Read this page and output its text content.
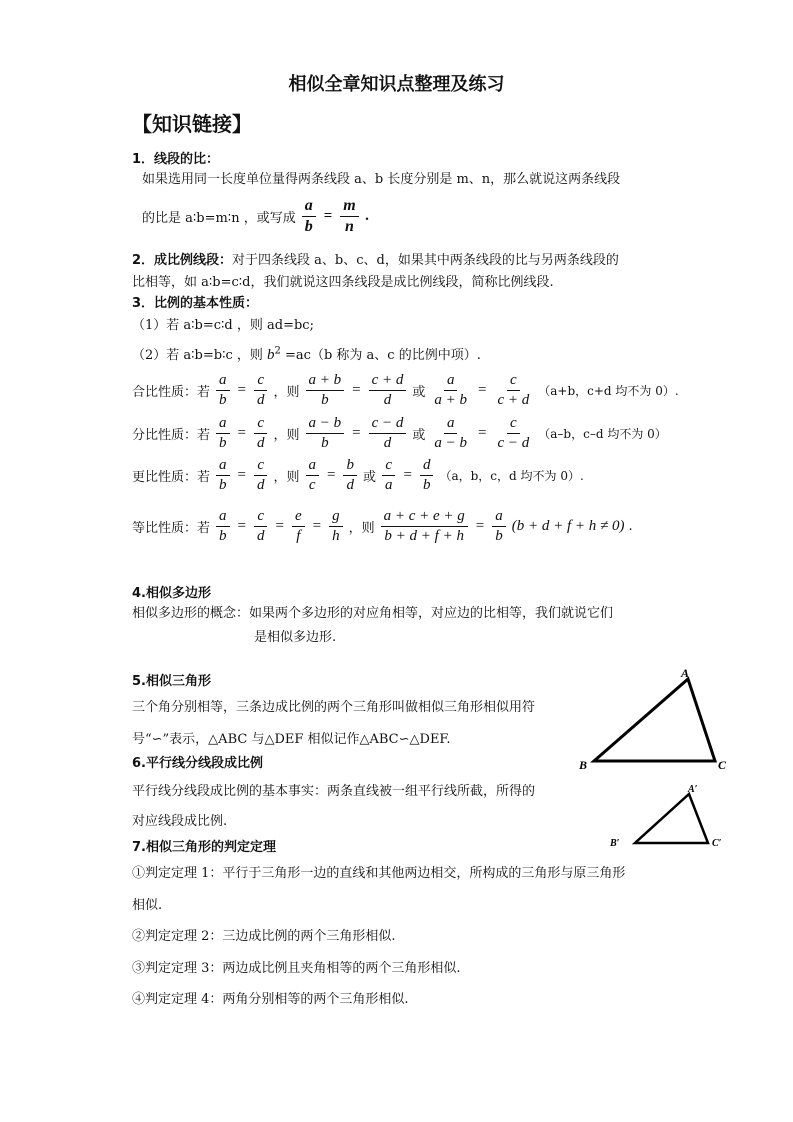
相似全章知识点整理及练习
【知识链接】
1．线段的比：
如果选用同一长度单位量得两条线段 a、b 长度分别是 m、n，那么就说这两条线段
的比是 a∶b=m∶n ，或写成 $\frac{a}{b} = \frac{m}{n}$ .
2．成比例线段：对于四条线段 a、b、c、d，如果其中两条线段的比与另两条线段的
比相等，如 a∶b=c∶d，我们就说这四条线段是成比例线段，简称比例线段.
3．比例的基本性质：
（1）若 a∶b=c∶d ，则 ad=bc;
（2）若 a∶b=b∶c ，则 $b^2 =ac(b$ 称为 a、c 的比例中项）.
合比性质：若 $\frac{a}{b} = \frac{c}{d}$ ，则 $\frac{a + b}{b} = \frac{c + d}{d}$ 或 $\frac{a}{a + b} = \frac{c}{c + d} (a+b$，c+d 均不为 0）.
分比性质：若 $\frac{a}{b} = \frac{c}{d}$ ，则 $\frac{a - b}{b} = \frac{c - d}{d}$ 或 $\frac{a}{a - b} = \frac{c}{c - d} (a-b$，c–d 均不为 0）
更比性质：若 $\frac{a}{b} = \frac{c}{d}$ ，则 $\frac{a}{c} = \frac{b}{d}$ 或 $\frac{c}{a} = \frac{d}{b} (a$，b，c，d 均不为 0）.
等比性质：若 $\frac{a}{b} = \frac{c}{d} = \frac{e}{f} = \frac{g}{h}$ ，则 $\frac{a + c + e + g}{b + d + f + h} = \frac{a}{b} (b + d + f + h \ne 0)$ .
4.相似多边形
相似多边形的概念：如果两个多边形的对应角相等，对应边的比相等，我们就说它们
是相似多边形.
5.相似三角形
三个角分别相等，三条边成比例的两个三角形叫做相似三角形相似用符
号“∽”表示，△ABC 与△DEF 相似记作△ABC∽△DEF.
6.平行线分线段成比例
平行线分线段成比例的基本事实：两条直线被一组平行线所截，所得的
对应线段成比例.
7.相似三角形的判定定理
①判定定理 1：平行于三角形一边的直线和其他两边相交，所构成的三角形与原三角形
相似.
②判定定理 2：三边成比例的两个三角形相似.
③判定定理 3：两边成比例且夹角相等的两个三角形相似.
④判定定理 4：两角分别相等的两个三角形相似.
A
B	C
A′
B′	C′
